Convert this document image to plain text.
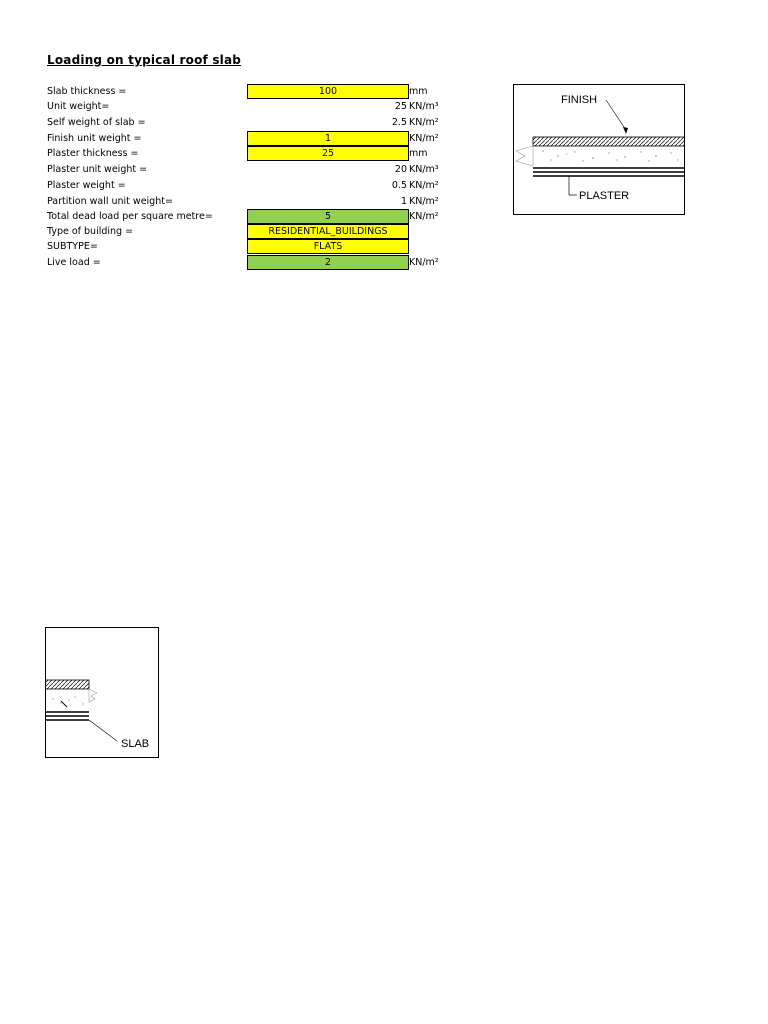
Loading on typical roof slab
Slab thickness =	100	mm
Unit weight=	25 KN/m³
Self weight of slab =	2.5 KN/m²
Finish unit weight =	1	KN/m²
Plaster thickness =	25	mm
Plaster unit weight =	20 KN/m³
Plaster weight =	0.5 KN/m²
Partition wall unit weight=	1 KN/m²
Total dead load per square metre=	5	KN/m²
Type of building =	RESIDENTIAL_BUILDINGS
SUBTYPE=	FLATS
Live load =	2	KN/m²
FINISH
PLASTER
SLAB
